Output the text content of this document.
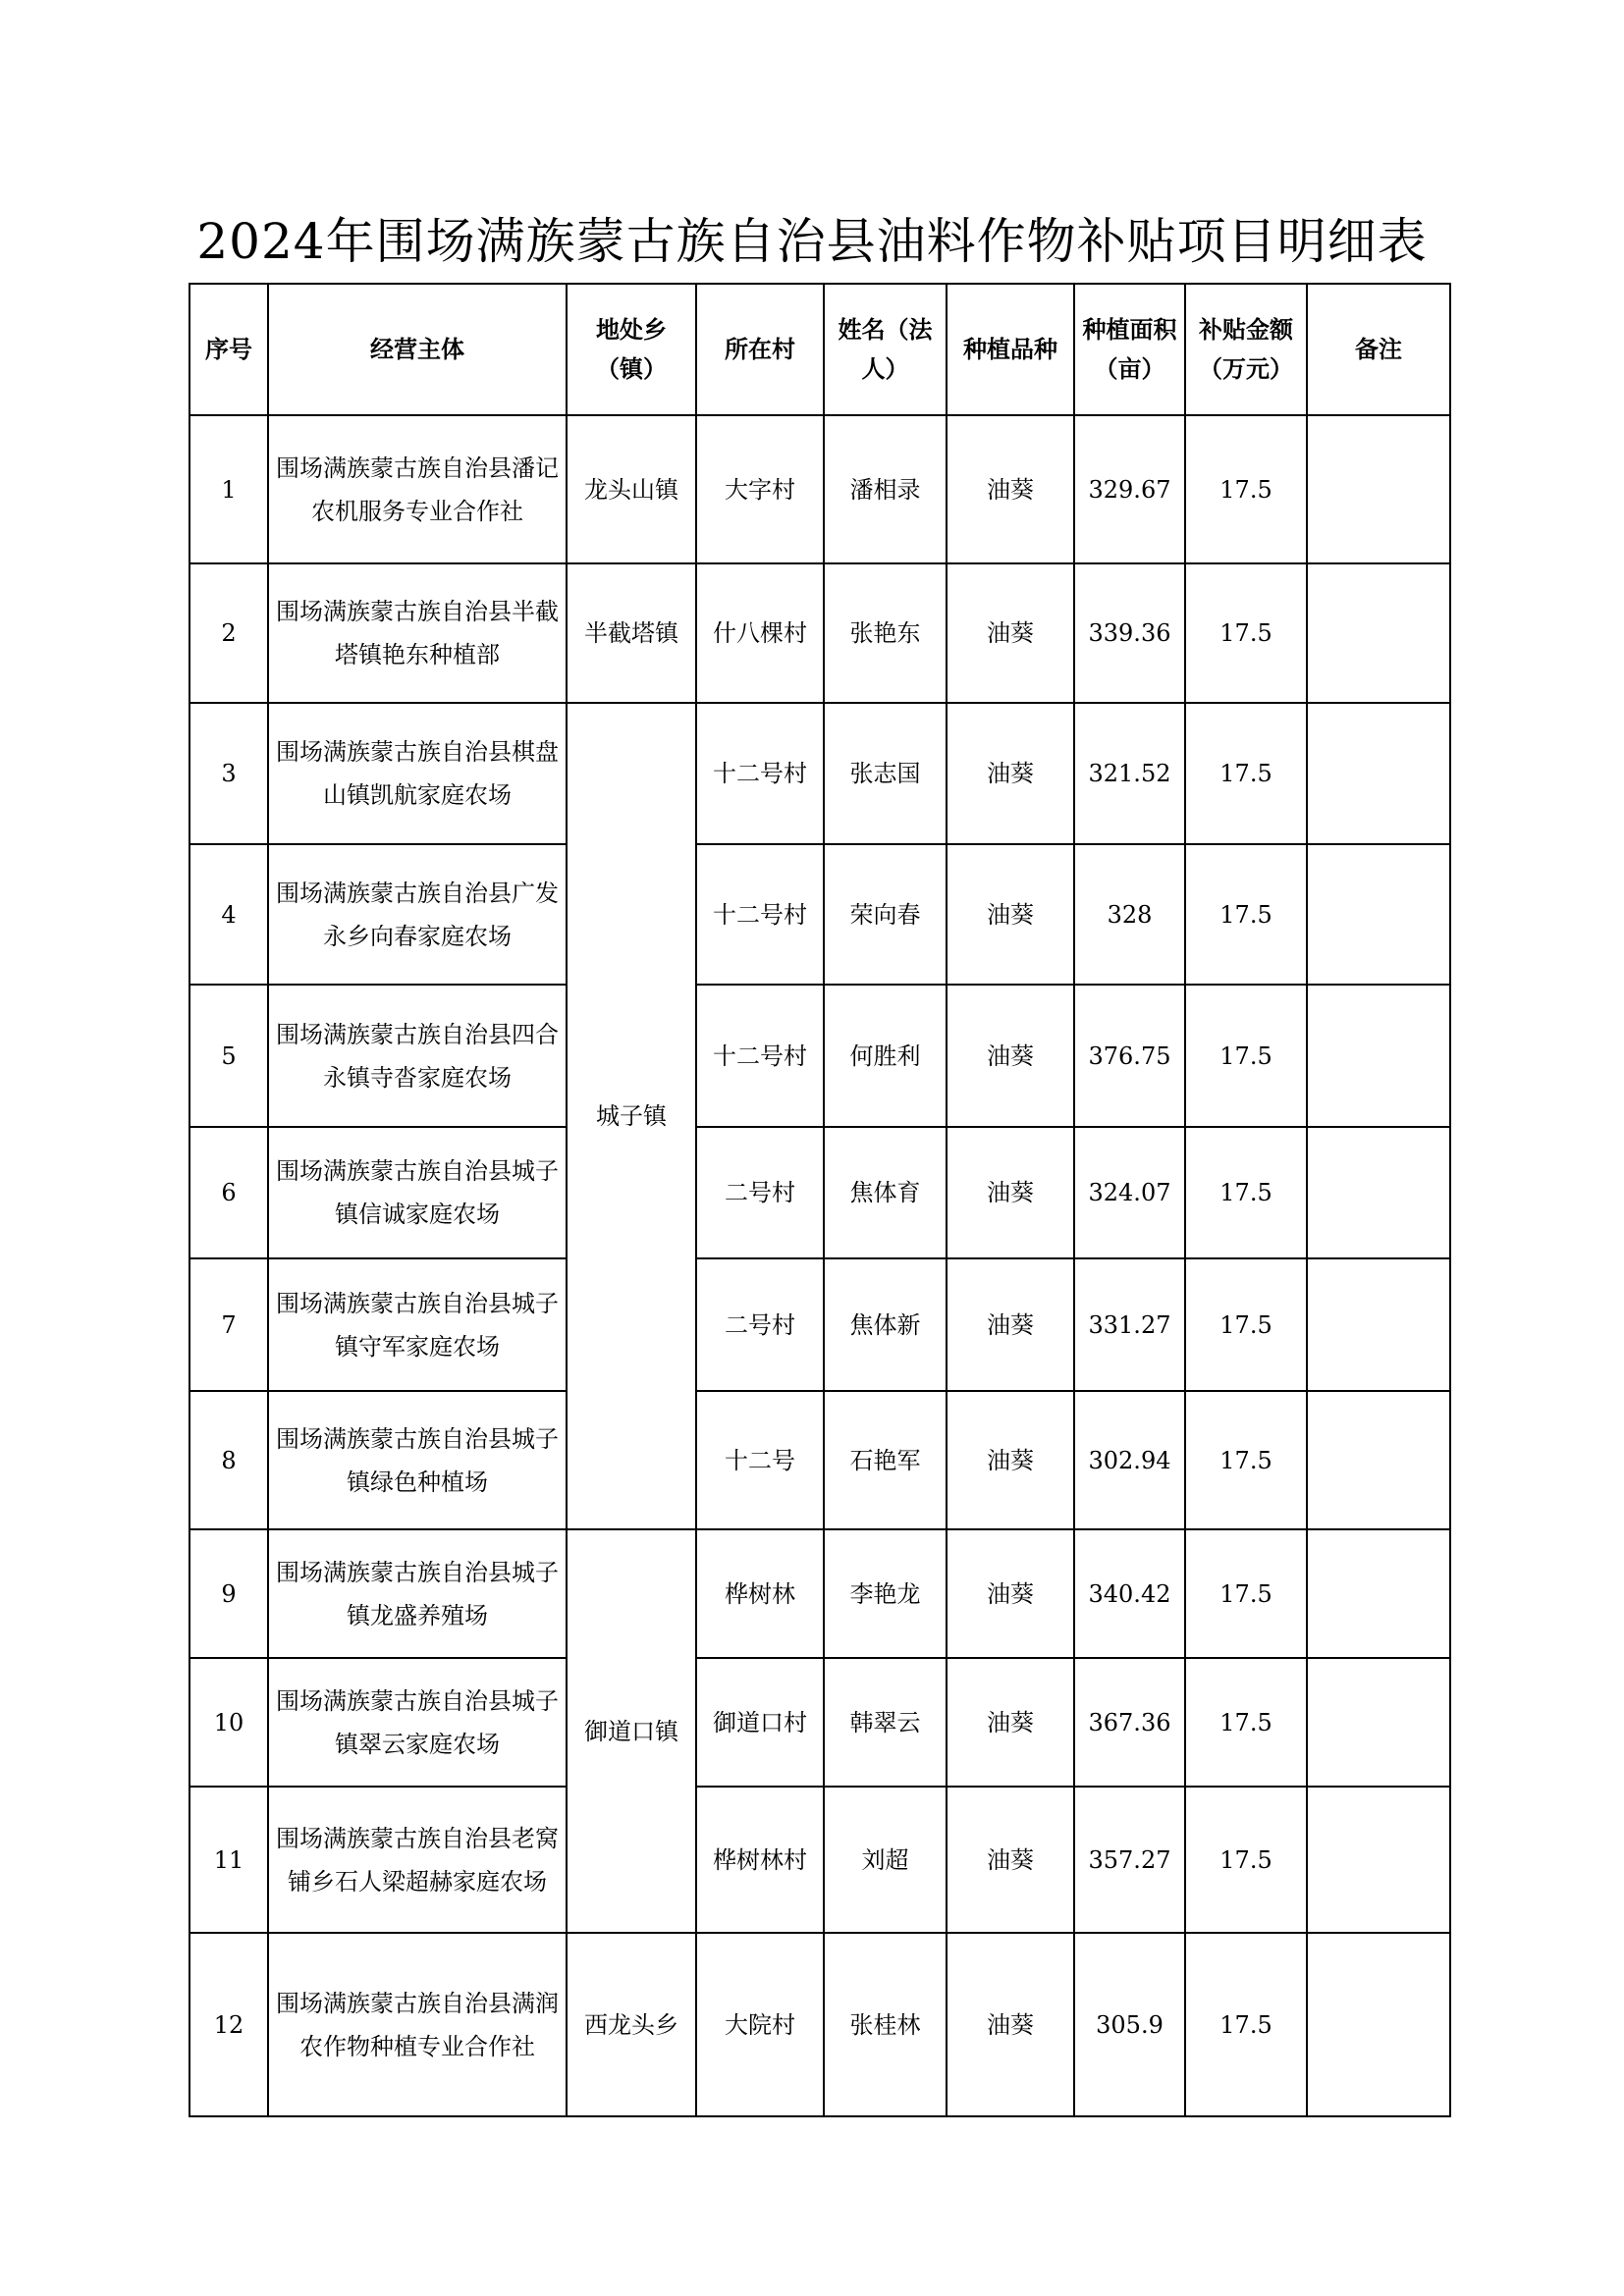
2024年围场满族蒙古族自治县油料作物补贴项目明细表
序号	经营主体	地处乡（镇）	所在村	姓名（法人）	种植品种	种植面积（亩）	补贴金额（万元）	备注
1	围场满族蒙古族自治县潘记农机服务专业合作社	龙头山镇	大字村	潘相录	油葵	329.67	17.5	
2	围场满族蒙古族自治县半截塔镇艳东种植部	半截塔镇	什八棵村	张艳东	油葵	339.36	17.5	
3	围场满族蒙古族自治县棋盘山镇凯航家庭农场	城子镇	十二号村	张志国	油葵	321.52	17.5	
4	围场满族蒙古族自治县广发永乡向春家庭农场		十二号村	荣向春	油葵	328	17.5	
5	围场满族蒙古族自治县四合永镇寺沓家庭农场		十二号村	何胜利	油葵	376.75	17.5	
6	围场满族蒙古族自治县城子镇信诚家庭农场		二号村	焦体育	油葵	324.07	17.5	
7	围场满族蒙古族自治县城子镇守军家庭农场		二号村	焦体新	油葵	331.27	17.5	
8	围场满族蒙古族自治县城子镇绿色种植场		十二号	石艳军	油葵	302.94	17.5	
9	围场满族蒙古族自治县城子镇龙盛养殖场	御道口镇	桦树林	李艳龙	油葵	340.42	17.5	
10	围场满族蒙古族自治县城子镇翠云家庭农场		御道口村	韩翠云	油葵	367.36	17.5	
11	围场满族蒙古族自治县老窝铺乡石人梁超赫家庭农场		桦树林村	刘超	油葵	357.27	17.5	
12	围场满族蒙古族自治县满润农作物种植专业合作社	西龙头乡	大院村	张桂林	油葵	305.9	17.5	
